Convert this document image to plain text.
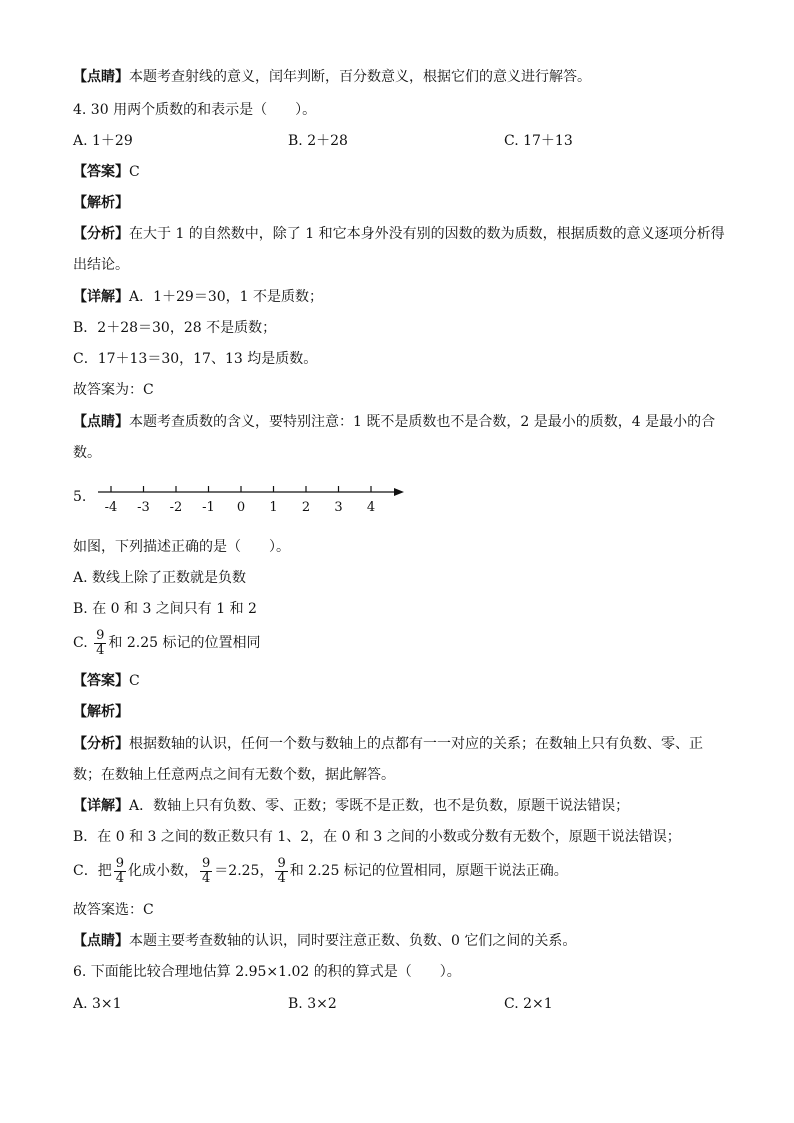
【点睛】本题考查射线的意义，闰年判断，百分数意义，根据它们的意义进行解答。
4. 30 用两个质数的和表示是（　　）。
A. 1＋29	B. 2＋28	C. 17＋13
【答案】C
【解析】
【分析】在大于 1 的自然数中，除了 1 和它本身外没有别的因数的数为质数，根据质数的意义逐项分析得
出结论。
【详解】A．1＋29＝30，1 不是质数；
B．2＋28＝30，28 不是质数；
C．17＋13＝30，17、13 均是质数。
故答案为：C
【点睛】本题考查质数的含义，要特别注意：1 既不是质数也不是合数，2 是最小的质数，4 是最小的合
数。
5.
-4 -3 -2 -1 0 1 2 3 4
如图，下列描述正确的是（　　）。
A. 数线上除了正数就是负数
B. 在 0 和 3 之间只有 1 和 2
C. $\frac{9}{4}$ 和 2.25 标记的位置相同
【答案】C
【解析】
【分析】根据数轴的认识，任何一个数与数轴上的点都有一一对应的关系；在数轴上只有负数、零、正
数；在数轴上任意两点之间有无数个数，据此解答。
【详解】A．数轴上只有负数、零、正数；零既不是正数，也不是负数，原题干说法错误；
B．在 0 和 3 之间的数正数只有 1、2，在 0 和 3 之间的小数或分数有无数个，原题干说法错误；
C．把 $\frac{9}{4}$ 化成小数， $\frac{9}{4} =2.25$， $\frac{9}{4}$ 和 2.25 标记的位置相同，原题干说法正确。
故答案选：C
【点睛】本题主要考查数轴的认识，同时要注意正数、负数、0 它们之间的关系。
6. 下面能比较合理地估算 2.95×1.02 的积的算式是（　　）。
A. 3×1	B. 3×2	C. 2×1
